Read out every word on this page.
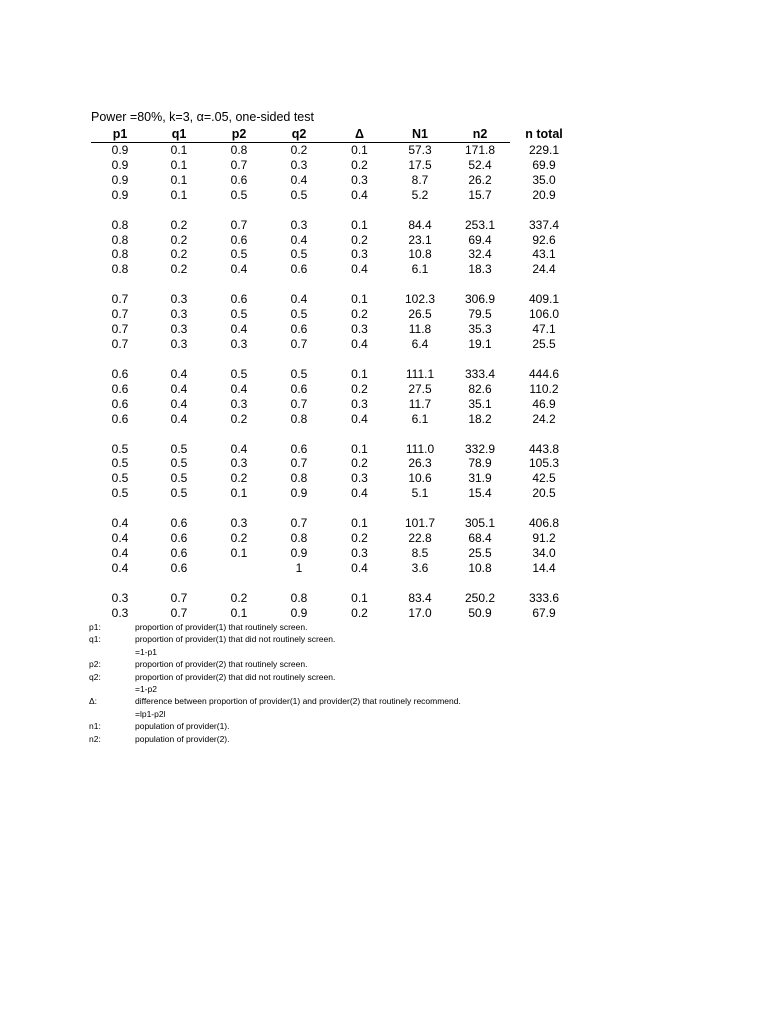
Power =80%, k=3, α=.05, one-sided test
p1	q1	p2	q2	Δ	N1	n2	n total
0.9	0.1	0.8	0.2	0.1	57.3	171.8	229.1
0.9	0.1	0.7	0.3	0.2	17.5	52.4	69.9
0.9	0.1	0.6	0.4	0.3	8.7	26.2	35.0
0.9	0.1	0.5	0.5	0.4	5.2	15.7	20.9

0.8	0.2	0.7	0.3	0.1	84.4	253.1	337.4
0.8	0.2	0.6	0.4	0.2	23.1	69.4	92.6
0.8	0.2	0.5	0.5	0.3	10.8	32.4	43.1
0.8	0.2	0.4	0.6	0.4	6.1	18.3	24.4

0.7	0.3	0.6	0.4	0.1	102.3	306.9	409.1
0.7	0.3	0.5	0.5	0.2	26.5	79.5	106.0
0.7	0.3	0.4	0.6	0.3	11.8	35.3	47.1
0.7	0.3	0.3	0.7	0.4	6.4	19.1	25.5

0.6	0.4	0.5	0.5	0.1	111.1	333.4	444.6
0.6	0.4	0.4	0.6	0.2	27.5	82.6	110.2
0.6	0.4	0.3	0.7	0.3	11.7	35.1	46.9
0.6	0.4	0.2	0.8	0.4	6.1	18.2	24.2

0.5	0.5	0.4	0.6	0.1	111.0	332.9	443.8
0.5	0.5	0.3	0.7	0.2	26.3	78.9	105.3
0.5	0.5	0.2	0.8	0.3	10.6	31.9	42.5
0.5	0.5	0.1	0.9	0.4	5.1	15.4	20.5

0.4	0.6	0.3	0.7	0.1	101.7	305.1	406.8
0.4	0.6	0.2	0.8	0.2	22.8	68.4	91.2
0.4	0.6	0.1	0.9	0.3	8.5	25.5	34.0
0.4	0.6		1	0.4	3.6	10.8	14.4

0.3	0.7	0.2	0.8	0.1	83.4	250.2	333.6
0.3	0.7	0.1	0.9	0.2	17.0	50.9	67.9
p1:	proportion of provider(1) that routinely screen.
q1:	proportion of provider(1) that did not routinely screen.
=1-p1
p2:	proportion of provider(2) that routinely screen.
q2:	proportion of provider(2) that did not routinely screen.
=1-p2
Δ:	difference between proportion of provider(1) and provider(2) that routinely recommend.
=lp1-p2l
n1:	population of provider(1).
n2:	population of provider(2).
